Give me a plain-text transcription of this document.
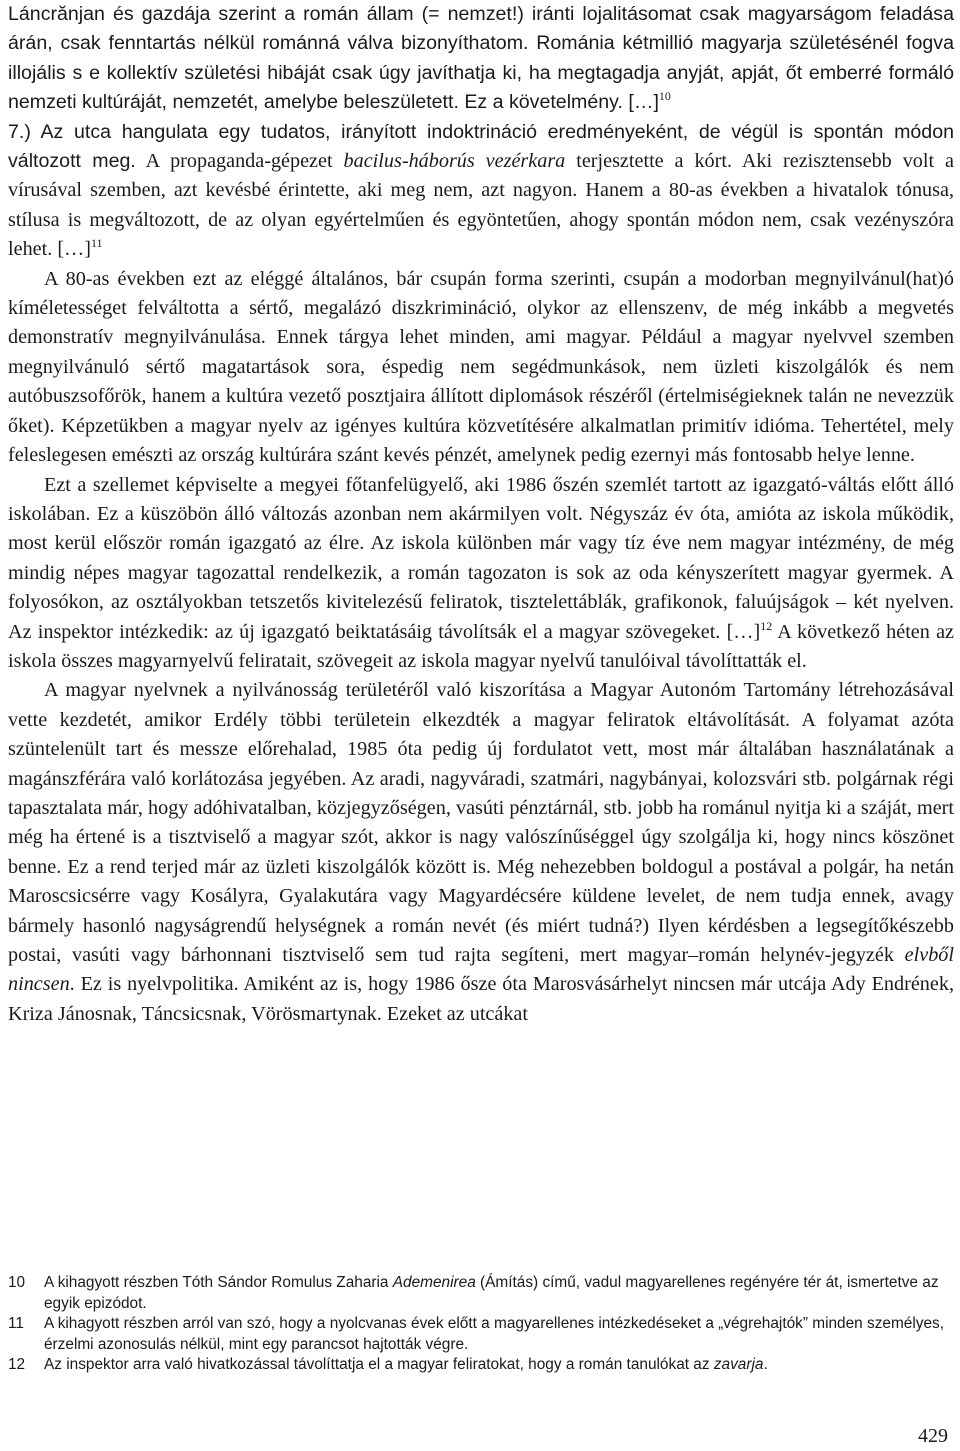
Láncrănjan és gazdája szerint a román állam (= nemzet!) iránti lojalitásomat csak magyarságom feladása árán, csak fenntartás nélkül románná válva bizonyíthatom. Románia kétmillió magyarja születésénél fogva illojális s e kollektív születési hibáját csak úgy javíthatja ki, ha megtagadja anyját, apját, őt emberré formáló nemzeti kultúráját, nemzetét, amelybe beleszületett. Ez a követelmény. […]$^{10}$

7.) Az utca hangulata egy tudatos, irányított indoktrináció eredményeként, de végül is spontán módon változott meg. A propaganda-gépezet bacilus-háborús vezérkara terjesztette a kórt. Aki rezisztensebb volt a vírusával szemben, azt kevésbé érintette, aki meg nem, azt nagyon. Hanem a 80-as években a hivatalok tónusa, stílusa is megváltozott, de az olyan egyértelműen és egyöntetűen, ahogy spontán módon nem, csak vezényszóra lehet. […]$^{11}$

A 80-as években ezt az eléggé általános, bár csupán forma szerinti, csupán a modorban megnyilvánul(hat)ó kíméletességet felváltotta a sértő, megalázó diszkrimináció, olykor az ellenszenv, de még inkább a megvetés demonstratív megnyilvánulása. Ennek tárgya lehet minden, ami magyar. Például a magyar nyelvvel szemben megnyilvánuló sértő magatartások sora, éspedig nem segédmunkások, nem üzleti kiszolgálók és nem autóbuszsofőrök, hanem a kultúra vezető posztjaira állított diplomások részéről (értelmiségieknek talán ne nevezzük őket). Képzetükben a magyar nyelv az igényes kultúra közvetítésére alkalmatlan primitív idióma. Tehertétel, mely feleslegesen emészti az ország kultúrára szánt kevés pénzét, amelynek pedig ezernyi más fontosabb helye lenne.

Ezt a szellemet képviselte a megyei főtanfelügyelő, aki 1986 őszén szemlét tartott az igazgató-váltás előtt álló iskolában. Ez a küszöbön álló változás azonban nem akármilyen volt. Négyszáz év óta, amióta az iskola működik, most kerül először román igazgató az élre. Az iskola különben már vagy tíz éve nem magyar intézmény, de még mindig népes magyar tagozattal rendelkezik, a román tagozaton is sok az oda kényszerített magyar gyermek. A folyosókon, az osztályokban tetszetős kivitelezésű feliratok, tisztelettáblák, grafikonok, faluújságok – két nyelven. Az inspektor intézkedik: az új igazgató beiktatásáig távolítsák el a magyar szövegeket. […]$^{12}$ A következő héten az iskola összes magyarnyelvű feliratait, szövegeit az iskola magyar nyelvű tanulóival távolíttatták el.

A magyar nyelvnek a nyilvánosság területéről való kiszorítása a Magyar Autonóm Tartomány létrehozásával vette kezdetét, amikor Erdély többi területein elkezdték a magyar feliratok eltávolítását. A folyamat azóta szüntelenült tart és messze előrehalad, 1985 óta pedig új fordulatot vett, most már általában használatának a magánszférára való korlátozása jegyében. Az aradi, nagyváradi, szatmári, nagybányai, kolozsvári stb. polgárnak régi tapasztalata már, hogy adóhivatalban, közjegyzőségen, vasúti pénztárnál, stb. jobb ha románul nyitja ki a száját, mert még ha értené is a tisztviselő a magyar szót, akkor is nagy valószínűséggel úgy szolgálja ki, hogy nincs köszönet benne. Ez a rend terjed már az üzleti kiszolgálók között is. Még nehezebben boldogul a postával a polgár, ha netán Maroscsicsérre vagy Kosályra, Gyalakutára vagy Magyardécsére küldene levelet, de nem tudja ennek, avagy bármely hasonló nagyságrendű helységnek a román nevét (és miért tudná?) Ilyen kérdésben a legsegítőkészebb postai, vasúti vagy bárhonnani tisztviselő sem tud rajta segíteni, mert magyar–román helynév-jegyzék elvből nincsen. Ez is nyelvpolitika. Amiként az is, hogy 1986 ősze óta Marosvásárhelyt nincsen már utcája Ady Endrének, Kriza Jánosnak, Táncsicsnak, Vörösmartynak. Ezeket az utcákat

10	A kihagyott részben Tóth Sándor Romulus Zaharia Ademenirea (Ámítás) című, vadul magyarellenes regényére tér át, ismertetve az egyik epizódot.
11	A kihagyott részben arról van szó, hogy a nyolcvanas évek előtt a magyarellenes intézkedéseket a „végrehajtók” minden személyes, érzelmi azonosulás nélkül, mint egy parancsot hajtották végre.
12	Az inspektor arra való hivatkozással távolíttatja el a magyar feliratokat, hogy a román tanulókat az zavarja.
429
